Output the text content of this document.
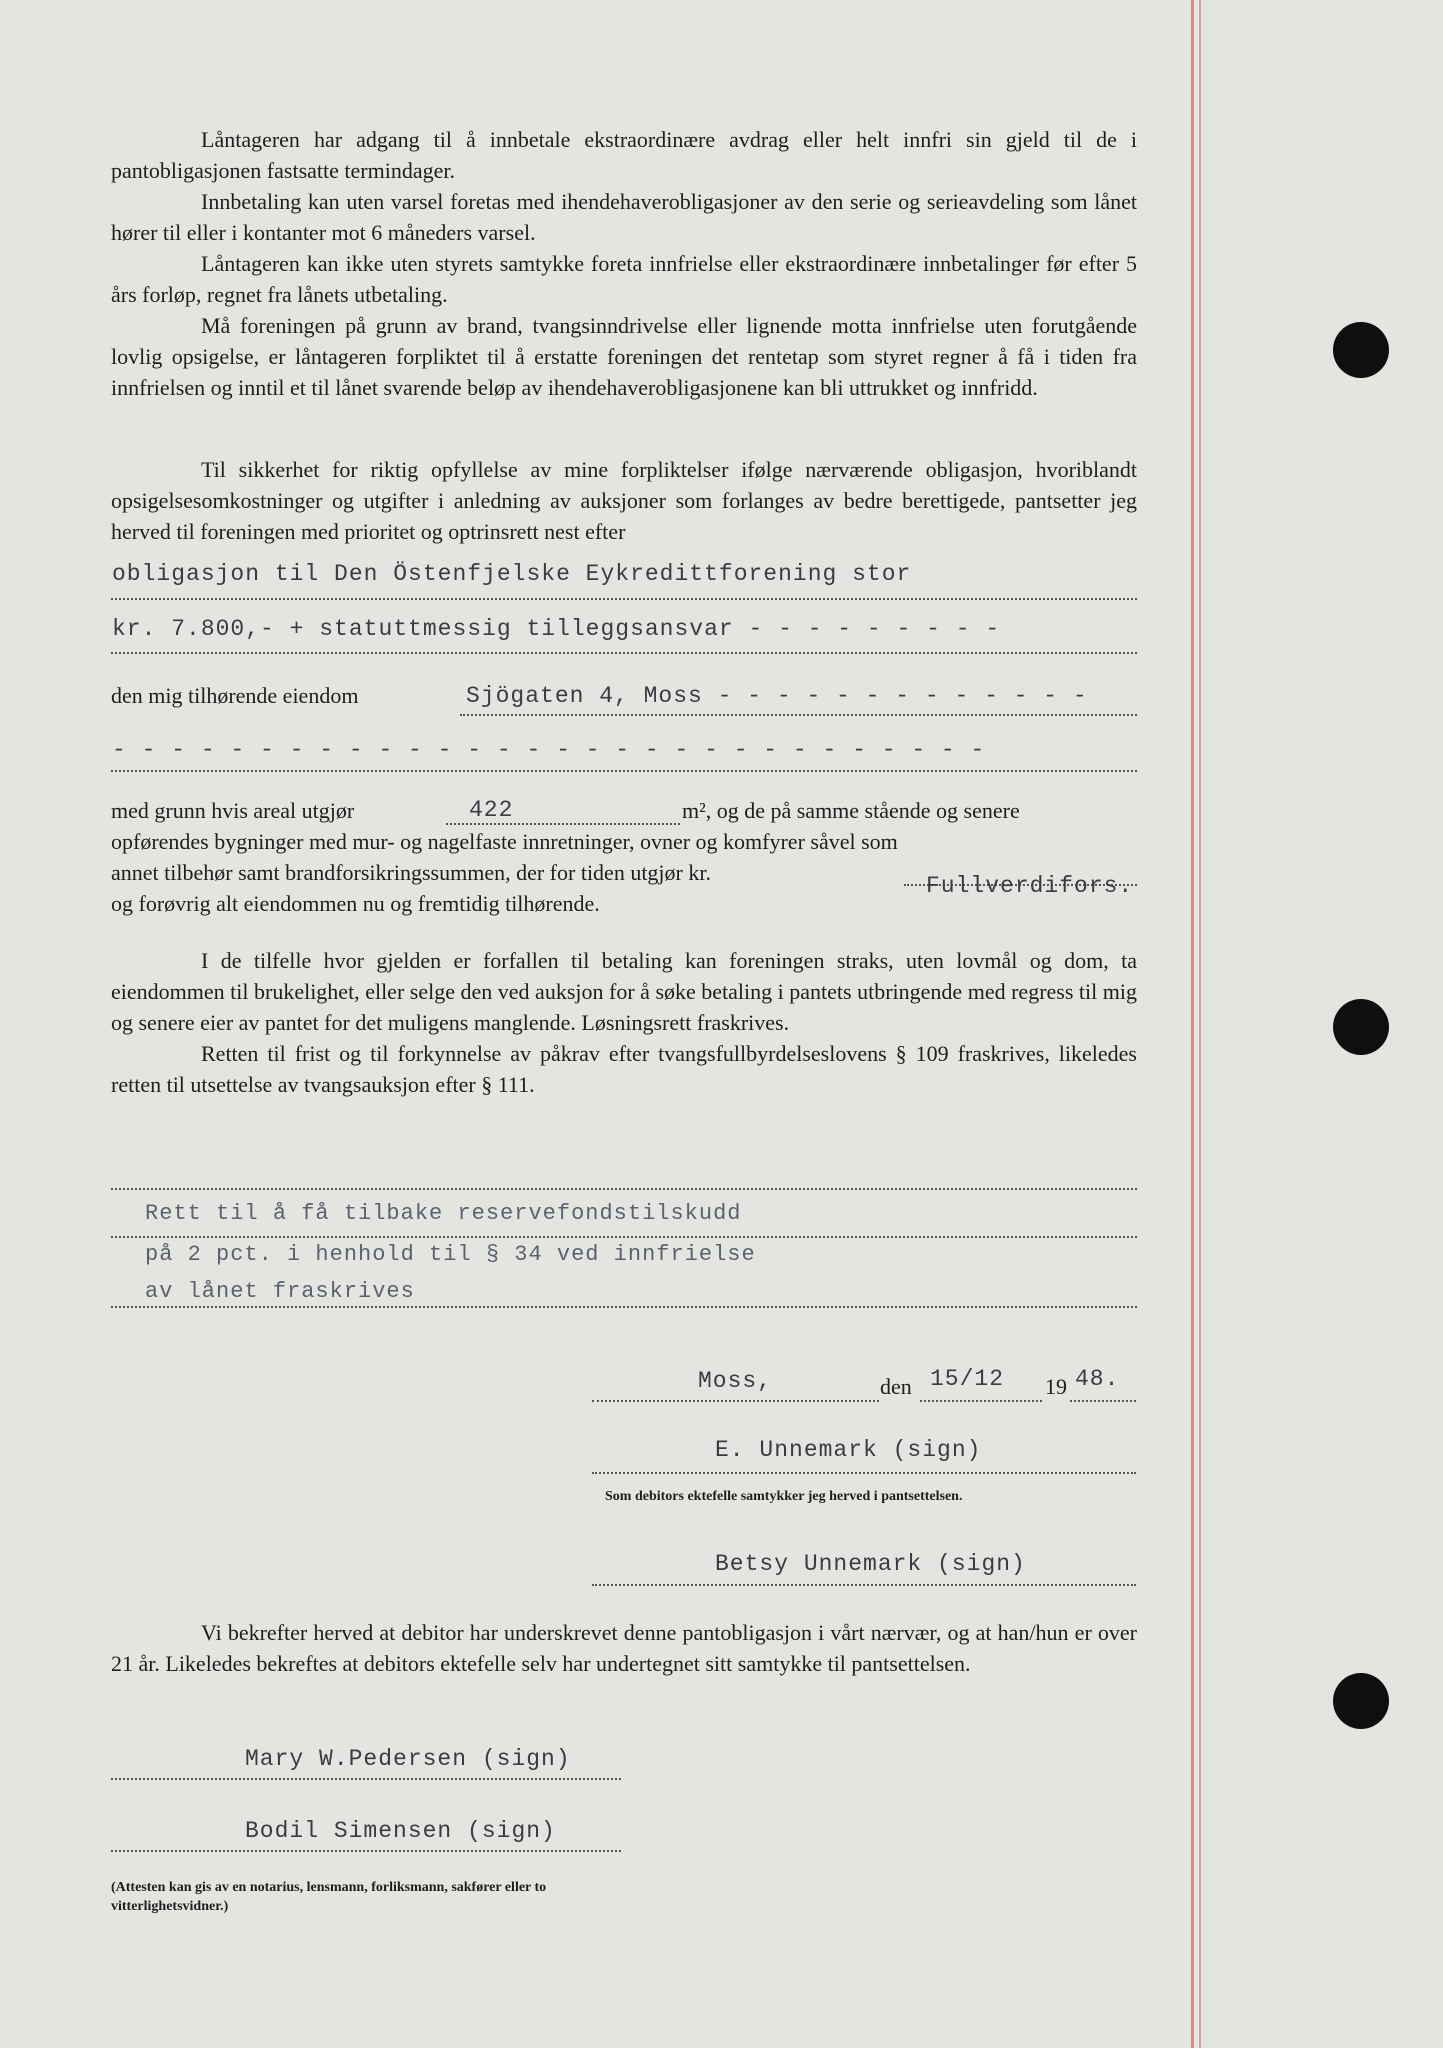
Låntageren har adgang til å innbetale ekstraordinære avdrag eller helt innfri sin gjeld til de i pantobligasjonen fastsatte termindager.

Innbetaling kan uten varsel foretas med ihendehaverobligasjoner av den serie og serieavdeling som lånet hører til eller i kontanter mot 6 måneders varsel.

Låntageren kan ikke uten styrets samtykke foreta innfrielse eller ekstraordinære innbetalinger før efter 5 års forløp, regnet fra lånets utbetaling.

Må foreningen på grunn av brand, tvangsinndrivelse eller lignende motta innfrielse uten forutgående lovlig opsigelse, er låntageren forpliktet til å erstatte foreningen det rentetap som styret regner å få i tiden fra innfrielsen og inntil et til lånet svarende beløp av ihendehaverobligasjonene kan bli uttrukket og innfridd.

Til sikkerhet for riktig opfyllelse av mine forpliktelser ifølge nærværende obligasjon, hvoriblandt opsigelsesomkostninger og utgifter i anledning av auksjoner som forlanges av bedre berettigede, pantsetter jeg herved til foreningen med prioritet og optrinsrett nest efter

obligasjon til Den Östenfjelske Eykredittforening stor
kr. 7.800,- + statuttmessig tilleggsansvar - - - - - - - - -
den mig tilhørende eiendom	Sjögaten 4, Moss - - - - - - - - - - - - -
- - - - - - - - - - - - - - - - - - - - - - - - - - - - - -
med grunn hvis areal utgjør	422	m², og de på samme stående og senere
opførendes bygninger med mur- og nagelfaste innretninger, ovner og komfyrer såvel som
annet tilbehør samt brandforsikringssummen, der for tiden utgjør kr.
Fullverdifors.
og forøvrig alt eiendommen nu og fremtidig tilhørende.

I de tilfelle hvor gjelden er forfallen til betaling kan foreningen straks, uten lovmål og dom, ta eiendommen til brukelighet, eller selge den ved auksjon for å søke betaling i pantets utbringende med regress til mig og senere eier av pantet for det muligens manglende. Løsningsrett fraskrives.

Retten til frist og til forkynnelse av påkrav efter tvangsfullbyrdelseslovens § 109 fraskrives, likeledes retten til utsettelse av tvangsauksjon efter § 111.

Rett til å få tilbake reservefondstilskudd
på 2 pct. i henhold til § 34 ved innfrielse
av lånet fraskrives
Moss,	den 15/12 19 48.
E. Unnemark (sign)
Som debitors ektefelle samtykker jeg herved i pantsettelsen.
Betsy Unnemark (sign)

Vi bekrefter herved at debitor har underskrevet denne pantobligasjon i vårt nærvær, og at han/hun er over 21 år. Likeledes bekreftes at debitors ektefelle selv har undertegnet sitt samtykke til pantsettelsen.

Mary W.Pedersen (sign)
Bodil Simensen (sign)
(Attesten kan gis av en notarius, lensmann, forliksmann, sakfører eller to vitterlighetsvidner.)
